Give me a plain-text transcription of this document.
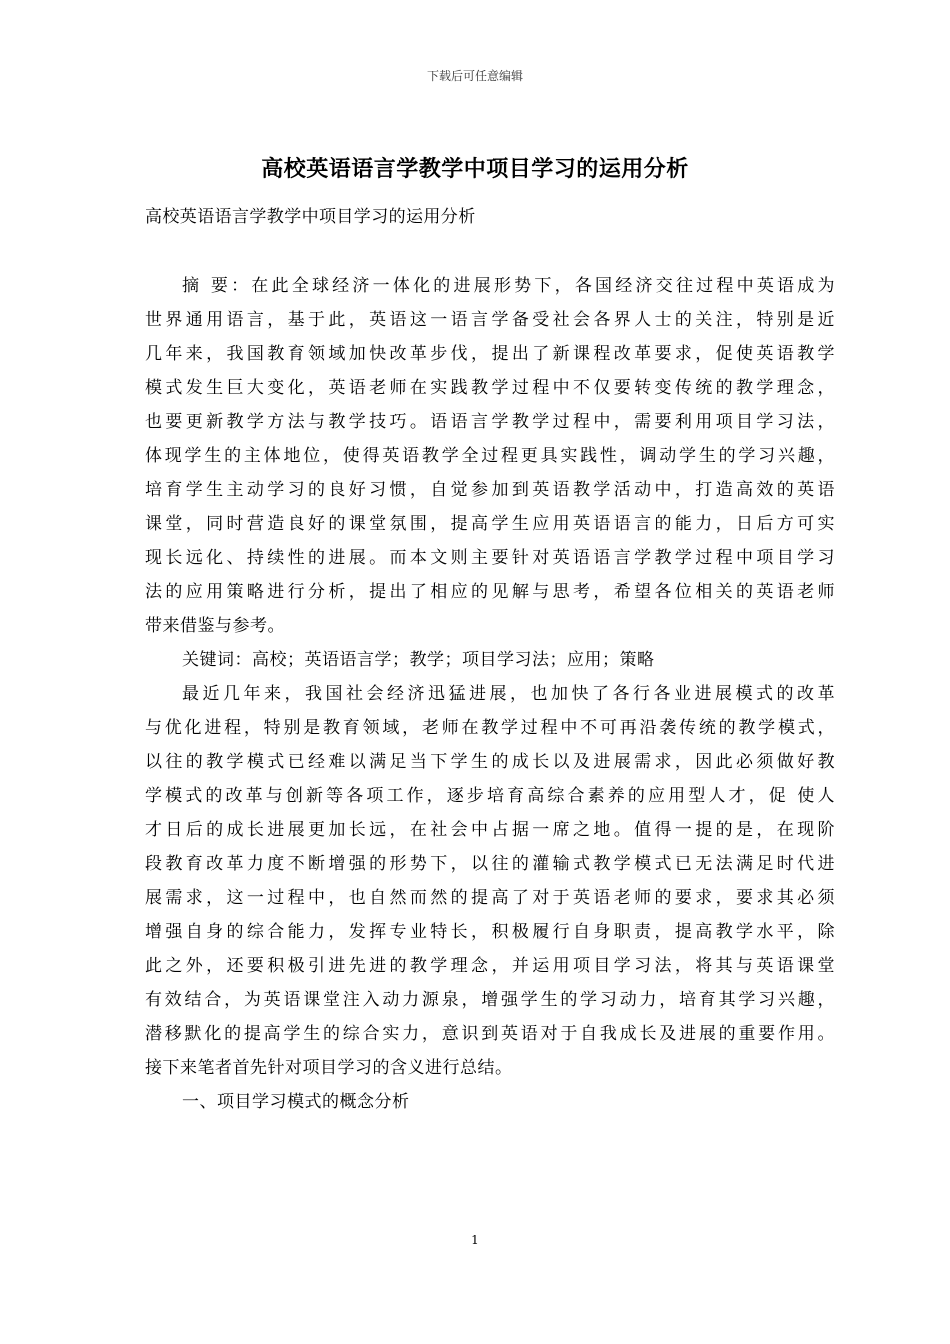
下载后可任意编辑
高校英语语言学教学中项目学习的运用分析
高校英语语言学教学中项目学习的运用分析
摘 要：在此全球经济一体化的进展形势下，各国经济交往过程中英语成为
世界通用语言，基于此，英语这一语言学备受社会各界人士的关注，特别是近
几年来，我国教育领域加快改革步伐，提出了新课程改革要求，促使英语教学
模式发生巨大变化，英语老师在实践教学过程中不仅要转变传统的教学理念，
也要更新教学方法与教学技巧。语语言学教学过程中，需要利用项目学习法，
体现学生的主体地位，使得英语教学全过程更具实践性，调动学生的学习兴趣，
培育学生主动学习的良好习惯，自觉参加到英语教学活动中，打造高效的英语
课堂，同时营造良好的课堂氛围，提高学生应用英语语言的能力，日后方可实
现长远化、持续性的进展。而本文则主要针对英语语言学教学过程中项目学习
法的应用策略进行分析，提出了相应的见解与思考，希望各位相关的英语老师
带来借鉴与参考。
关键词：高校；英语语言学；教学；项目学习法；应用；策略
最近几年来，我国社会经济迅猛进展，也加快了各行各业进展模式的改革
与优化进程，特别是教育领域，老师在教学过程中不可再沿袭传统的教学模式，
以往的教学模式已经难以满足当下学生的成长以及进展需求，因此必须做好教
学模式的改革与创新等各项工作，逐步培育高综合素养的应用型人才，促 使人
才日后的成长进展更加长远，在社会中占据一席之地。值得一提的是，在现阶
段教育改革力度不断增强的形势下，以往的灌输式教学模式已无法满足时代进
展需求，这一过程中，也自然而然的提高了对于英语老师的要求，要求其必须
增强自身的综合能力，发挥专业特长，积极履行自身职责，提高教学水平，除
此之外，还要积极引进先进的教学理念，并运用项目学习法，将其与英语课堂
有效结合，为英语课堂注入动力源泉，增强学生的学习动力，培育其学习兴趣，
潜移默化的提高学生的综合实力，意识到英语对于自我成长及进展的重要作用。
接下来笔者首先针对项目学习的含义进行总结。
一、项目学习模式的概念分析
1
